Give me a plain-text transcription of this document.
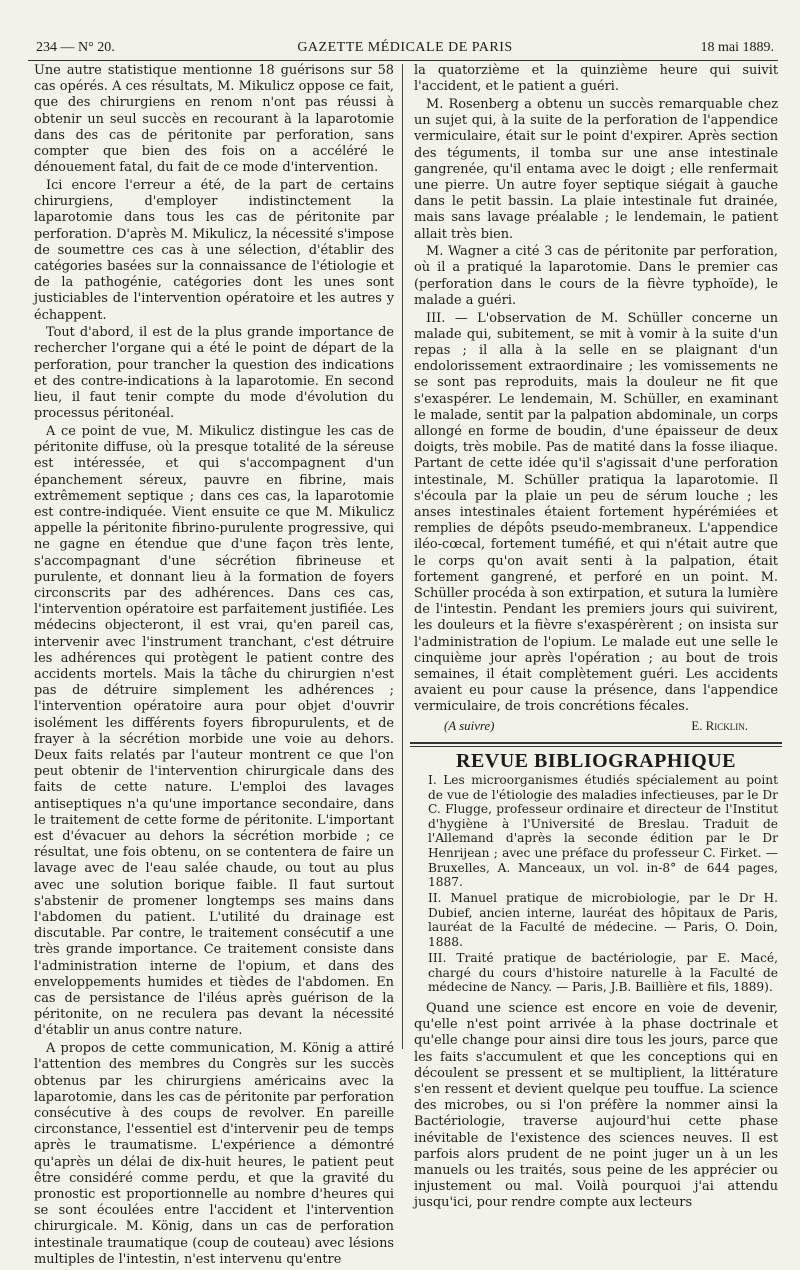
234 — N° 20.	GAZETTE MÉDICALE DE PARIS	18 mai 1889.

Une autre statistique mentionne 18 guérisons sur 58 cas opérés. A ces résultats, M. Mikulicz oppose ce fait, que des chirurgiens en renom n'ont pas réussi à obtenir un seul succès en recourant à la laparotomie dans des cas de péritonite par perforation, sans compter que bien des fois on a accéléré le dénouement fatal, du fait de ce mode d'intervention.

Ici encore l'erreur a été, de la part de certains chirurgiens, d'employer indistinctement la laparotomie dans tous les cas de péritonite par perforation. D'après M. Mikulicz, la nécessité s'impose de soumettre ces cas à une sélection, d'établir des catégories basées sur la connaissance de l'étiologie et de la pathogénie, catégories dont les unes sont justiciables de l'intervention opératoire et les autres y échappent.

Tout d'abord, il est de la plus grande importance de rechercher l'organe qui a été le point de départ de la perforation, pour trancher la question des indications et des contre-indications à la laparotomie. En second lieu, il faut tenir compte du mode d'évolution du processus péritonéal.

A ce point de vue, M. Mikulicz distingue les cas de péritonite diffuse, où la presque totalité de la séreuse est intéressée, et qui s'accompagnent d'un épanchement séreux, pauvre en fibrine, mais extrêmement septique ; dans ces cas, la laparotomie est contre-indiquée. Vient ensuite ce que M. Mikulicz appelle la péritonite fibrino-purulente progressive, qui ne gagne en étendue que d'une façon très lente, s'accompagnant d'une sécrétion fibrineuse et purulente, et donnant lieu à la formation de foyers circonscrits par des adhérences. Dans ces cas, l'intervention opératoire est parfaitement justifiée. Les médecins objecteront, il est vrai, qu'en pareil cas, intervenir avec l'instrument tranchant, c'est détruire les adhérences qui protègent le patient contre des accidents mortels. Mais la tâche du chirurgien n'est pas de détruire simplement les adhérences ; l'intervention opératoire aura pour objet d'ouvrir isolément les différents foyers fibropurulents, et de frayer à la sécrétion morbide une voie au dehors. Deux faits relatés par l'auteur montrent ce que l'on peut obtenir de l'intervention chirurgicale dans des faits de cette nature. L'emploi des lavages antiseptiques n'a qu'une importance secondaire, dans le traitement de cette forme de péritonite. L'important est d'évacuer au dehors la sécrétion morbide ; ce résultat, une fois obtenu, on se contentera de faire un lavage avec de l'eau salée chaude, ou tout au plus avec une solution borique faible. Il faut surtout s'abstenir de promener longtemps ses mains dans l'abdomen du patient. L'utilité du drainage est discutable. Par contre, le traitement consécutif a une très grande importance. Ce traitement consiste dans l'administration interne de l'opium, et dans des enveloppements humides et tièdes de l'abdomen. En cas de persistance de l'iléus après guérison de la péritonite, on ne reculera pas devant la nécessité d'établir un anus contre nature.

A propos de cette communication, M. König a attiré l'attention des membres du Congrès sur les succès obtenus par les chirurgiens américains avec la laparotomie, dans les cas de péritonite par perforation consécutive à des coups de revolver. En pareille circonstance, l'essentiel est d'intervenir peu de temps après le traumatisme. L'expérience a démontré qu'après un délai de dix-huit heures, le patient peut être considéré comme perdu, et que la gravité du pronostic est proportionnelle au nombre d'heures qui se sont écoulées entre l'accident et l'intervention chirurgicale. M. König, dans un cas de perforation intestinale traumatique (coup de couteau) avec lésions multiples de l'intestin, n'est intervenu qu'entre

la quatorzième et la quinzième heure qui suivit l'accident, et le patient a guéri.

M. Rosenberg a obtenu un succès remarquable chez un sujet qui, à la suite de la perforation de l'appendice vermiculaire, était sur le point d'expirer. Après section des téguments, il tomba sur une anse intestinale gangrenée, qu'il entama avec le doigt ; elle renfermait une pierre. Un autre foyer septique siégait à gauche dans le petit bassin. La plaie intestinale fut drainée, mais sans lavage préalable ; le lendemain, le patient allait très bien.

M. Wagner a cité 3 cas de péritonite par perforation, où il a pratiqué la laparotomie. Dans le premier cas (perforation dans le cours de la fièvre typhoïde), le malade a guéri.

III. — L'observation de M. Schüller concerne un malade qui, subitement, se mit à vomir à la suite d'un repas ; il alla à la selle en se plaignant d'un endolorissement extraordinaire ; les vomissements ne se sont pas reproduits, mais la douleur ne fit que s'exaspérer. Le lendemain, M. Schüller, en examinant le malade, sentit par la palpation abdominale, un corps allongé en forme de boudin, d'une épaisseur de deux doigts, très mobile. Pas de matité dans la fosse iliaque. Partant de cette idée qu'il s'agissait d'une perforation intestinale, M. Schüller pratiqua la laparotomie. Il s'écoula par la plaie un peu de sérum louche ; les anses intestinales étaient fortement hypérémiées et remplies de dépôts pseudo-membraneux. L'appendice iléo-cœcal, fortement tuméfié, et qui n'était autre que le corps qu'on avait senti à la palpation, était fortement gangrené, et perforé en un point. M. Schüller procéda à son extirpation, et sutura la lumière de l'intestin. Pendant les premiers jours qui suivirent, les douleurs et la fièvre s'exaspérèrent ; on insista sur l'administration de l'opium. Le malade eut une selle le cinquième jour après l'opération ; au bout de trois semaines, il était complètement guéri. Les accidents avaient eu pour cause la présence, dans l'appendice vermiculaire, de trois concrétions fécales.

(A suivre)	E. Ricklin.
REVUE BIBLIOGRAPHIQUE

I. Les microorganismes étudiés spécialement au point de vue de l'étiologie des maladies infectieuses, par le Dr C. Flugge, professeur ordinaire et directeur de l'Institut d'hygiène à l'Université de Breslau. Traduit de l'Allemand d'après la seconde édition par le Dr Henrijean ; avec une préface du professeur C. Firket. — Bruxelles, A. Manceaux, un vol. in-8° de 644 pages, 1887.

II. Manuel pratique de microbiologie, par le Dr H. Dubief, ancien interne, lauréat des hôpitaux de Paris, lauréat de la Faculté de médecine. — Paris, O. Doin, 1888.

III. Traité pratique de bactériologie, par E. Macé, chargé du cours d'histoire naturelle à la Faculté de médecine de Nancy. — Paris, J.B. Baillière et fils, 1889).

Quand une science est encore en voie de devenir, qu'elle n'est point arrivée à la phase doctrinale et qu'elle change pour ainsi dire tous les jours, parce que les faits s'accumulent et que les conceptions qui en découlent se pressent et se multiplient, la littérature s'en ressent et devient quelque peu touffue. La science des microbes, ou si l'on préfère la nommer ainsi la Bactériologie, traverse aujourd'hui cette phase inévitable de l'existence des sciences neuves. Il est parfois alors prudent de ne point juger un à un les manuels ou les traités, sous peine de les apprécier ou injustement ou mal. Voilà pourquoi j'ai attendu jusqu'ici, pour rendre compte aux lecteurs
